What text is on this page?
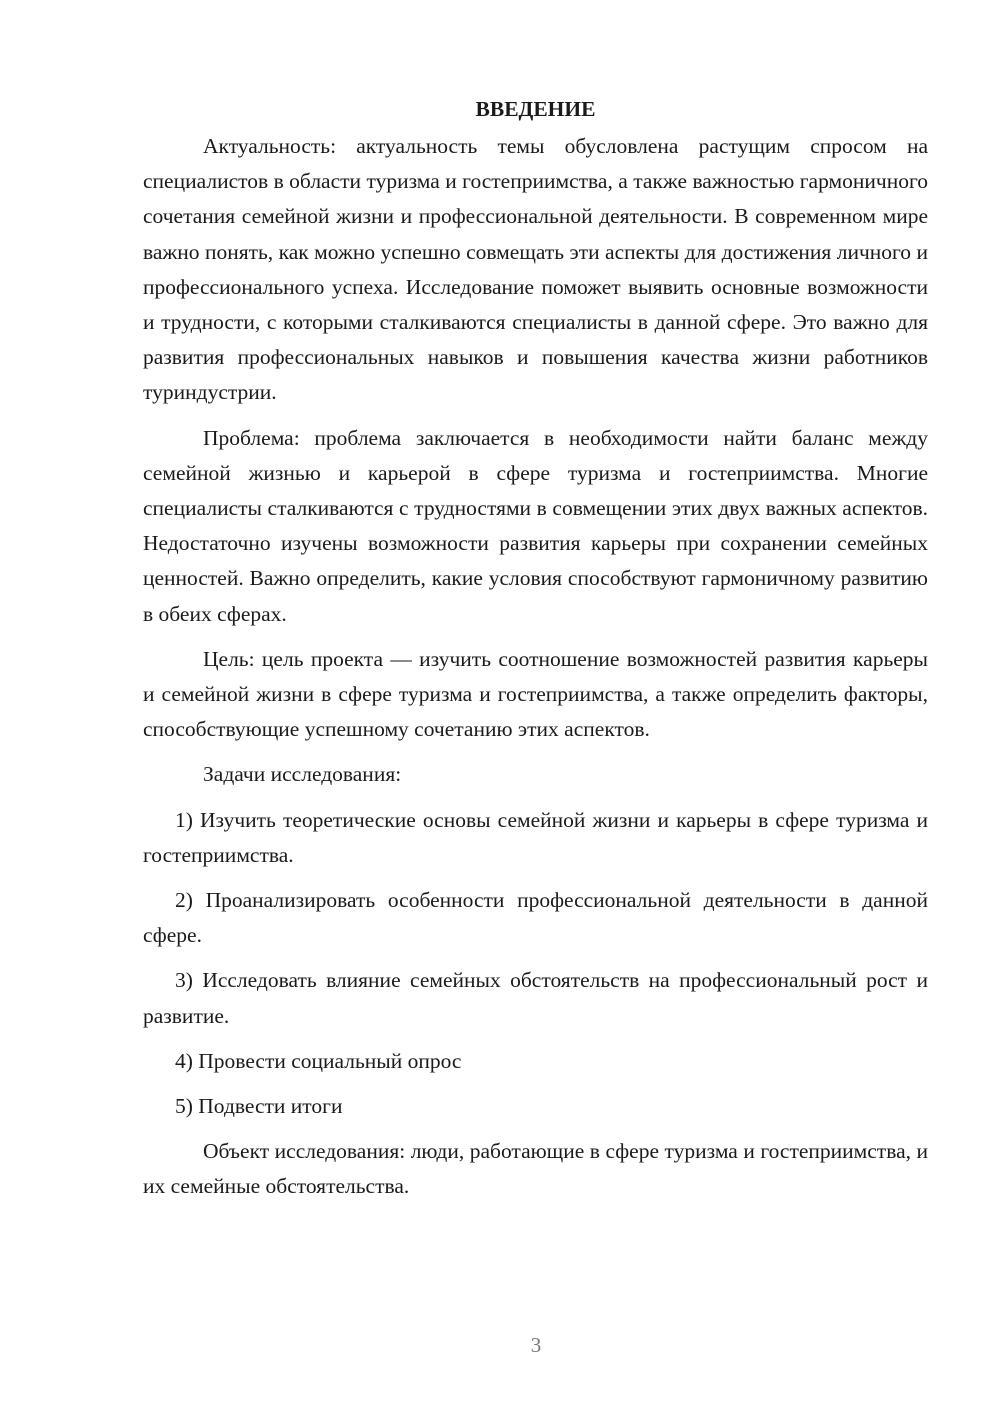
ВВЕДЕНИЕ

Актуальность: актуальность темы обусловлена растущим спросом на специалистов в области туризма и гостеприимства, а также важностью гармоничного сочетания семейной жизни и профессиональной деятельности. В современном мире важно понять, как можно успешно совмещать эти аспекты для достижения личного и профессионального успеха. Исследование поможет выявить основные возможности и трудности, с которыми сталкиваются специалисты в данной сфере. Это важно для развития профессиональных навыков и повышения качества жизни работников туриндустрии.

Проблема: проблема заключается в необходимости найти баланс между семейной жизнью и карьерой в сфере туризма и гостеприимства. Многие специалисты сталкиваются с трудностями в совмещении этих двух важных аспектов. Недостаточно изучены возможности развития карьеры при сохранении семейных ценностей. Важно определить, какие условия способствуют гармоничному развитию в обеих сферах.

Цель: цель проекта — изучить соотношение возможностей развития карьеры и семейной жизни в сфере туризма и гостеприимства, а также определить факторы, способствующие успешному сочетанию этих аспектов.

Задачи исследования:

1) Изучить теоретические основы семейной жизни и карьеры в сфере туризма и гостеприимства.

2) Проанализировать особенности профессиональной деятельности в данной сфере.

3) Исследовать влияние семейных обстоятельств на профессиональный рост и развитие.

4) Провести социальный опрос

5) Подвести итоги

Объект исследования: люди, работающие в сфере туризма и гостеприимства, и их семейные обстоятельства.

3
